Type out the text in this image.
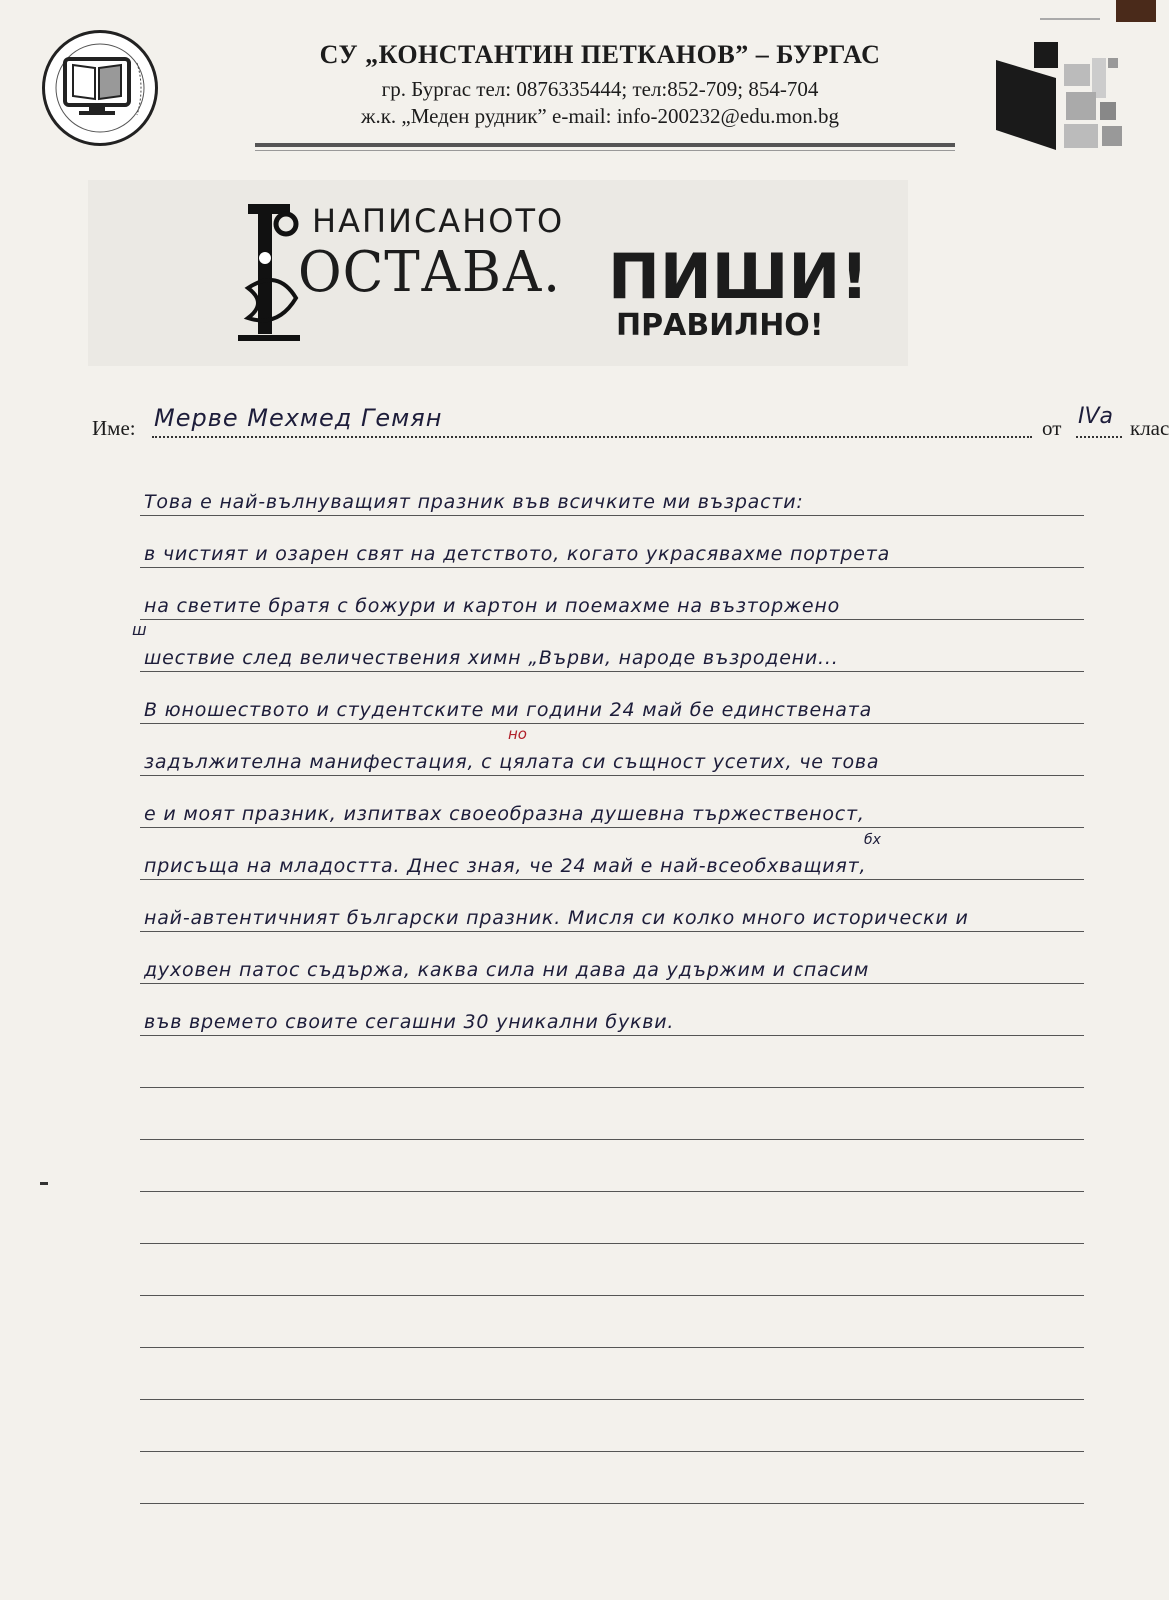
СУ „КОНСТАНТИН ПЕТКАНОВ” – БУРГАС
гр. Бургас тел: 0876335444; тел:852-709; 854-704
ж.к. „Меден рудник” e-mail: info-200232@edu.mon.bg
НАПИСАНОТО
ОСТАВА. ПИШИ!
ПРАВИЛНО!
Име: Мерве Мехмед Гемян	от IVа клас
Това е най-вълнуващият празник във всичките ми възрасти:
в чистият и озарен свят на детството, когато украсявахме портрета
на светите братя с божури и картон и поемахме на възторжено
шествие след величествения химн „Върви, народе възродени...
В юношеството и студентските ми години 24 май бе единствената
задължителна манифестация, с цялата си същност усетих, че това
е и моят празник, изпитвах своеобразна душевна тържественост,
присъща на младостта. Днес зная, че 24 май е най-всеобхващият,
най-автентичният български празник. Мисля си колко много исторически и
духовен патос съдържа, каква сила ни дава да удържим и спасим
във времето своите сегашни 30 уникални букви.
но
ш
бх
